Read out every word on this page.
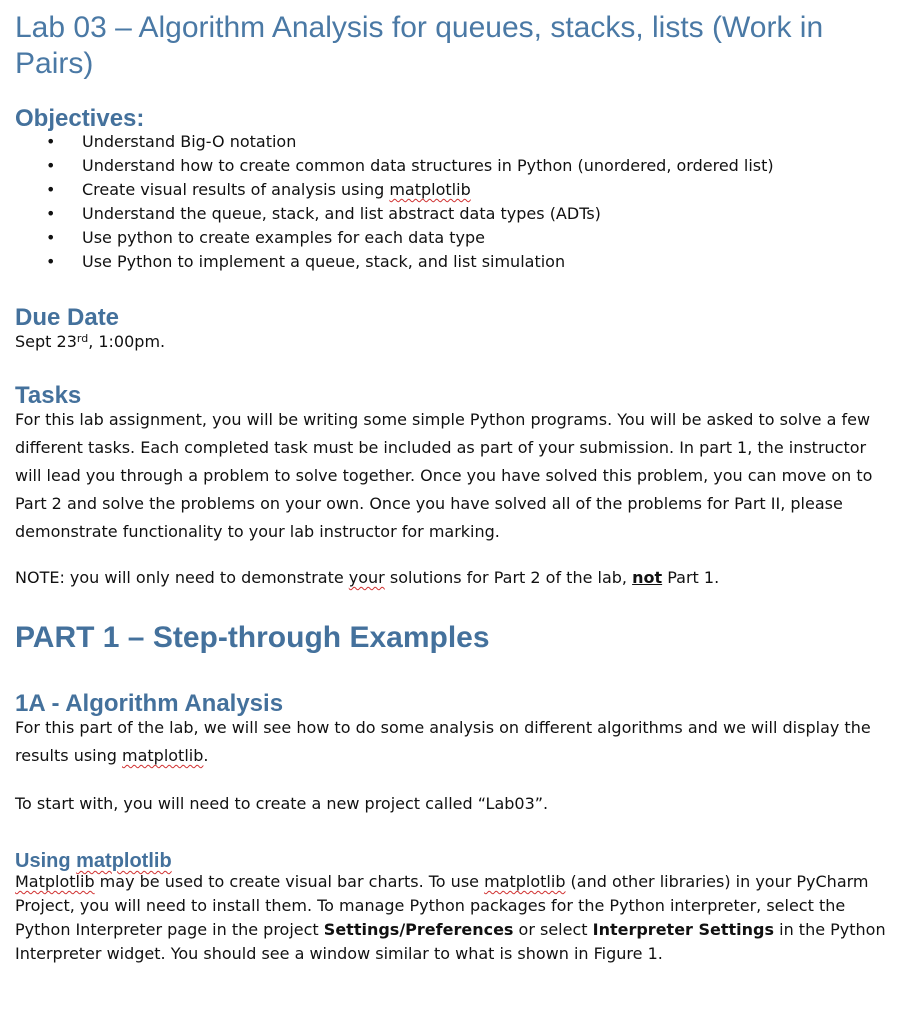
Lab 03 – Algorithm Analysis for queues, stacks, lists (Work in Pairs)
Objectives:
• Understand Big-O notation
• Understand how to create common data structures in Python (unordered, ordered list)
• Create visual results of analysis using matplotlib
• Understand the queue, stack, and list abstract data types (ADTs)
• Use python to create examples for each data type
• Use Python to implement a queue, stack, and list simulation
Due Date

Sept 23rd, 1:00pm.

Tasks

For this lab assignment, you will be writing some simple Python programs. You will be asked to solve a few different tasks. Each completed task must be included as part of your submission. In part 1, the instructor will lead you through a problem to solve together. Once you have solved this problem, you can move on to Part 2 and solve the problems on your own. Once you have solved all of the problems for Part II, please demonstrate functionality to your lab instructor for marking.

NOTE: you will only need to demonstrate your solutions for Part 2 of the lab, not Part 1.

PART 1 – Step-through Examples
1A - Algorithm Analysis

For this part of the lab, we will see how to do some analysis on different algorithms and we will display the results using matplotlib.

To start with, you will need to create a new project called “Lab03”.

Using matplotlib

Matplotlib may be used to create visual bar charts. To use matplotlib (and other libraries) in your PyCharm Project, you will need to install them. To manage Python packages for the Python interpreter, select the Python Interpreter page in the project Settings/Preferences or select Interpreter Settings in the Python Interpreter widget. You should see a window similar to what is shown in Figure 1.
